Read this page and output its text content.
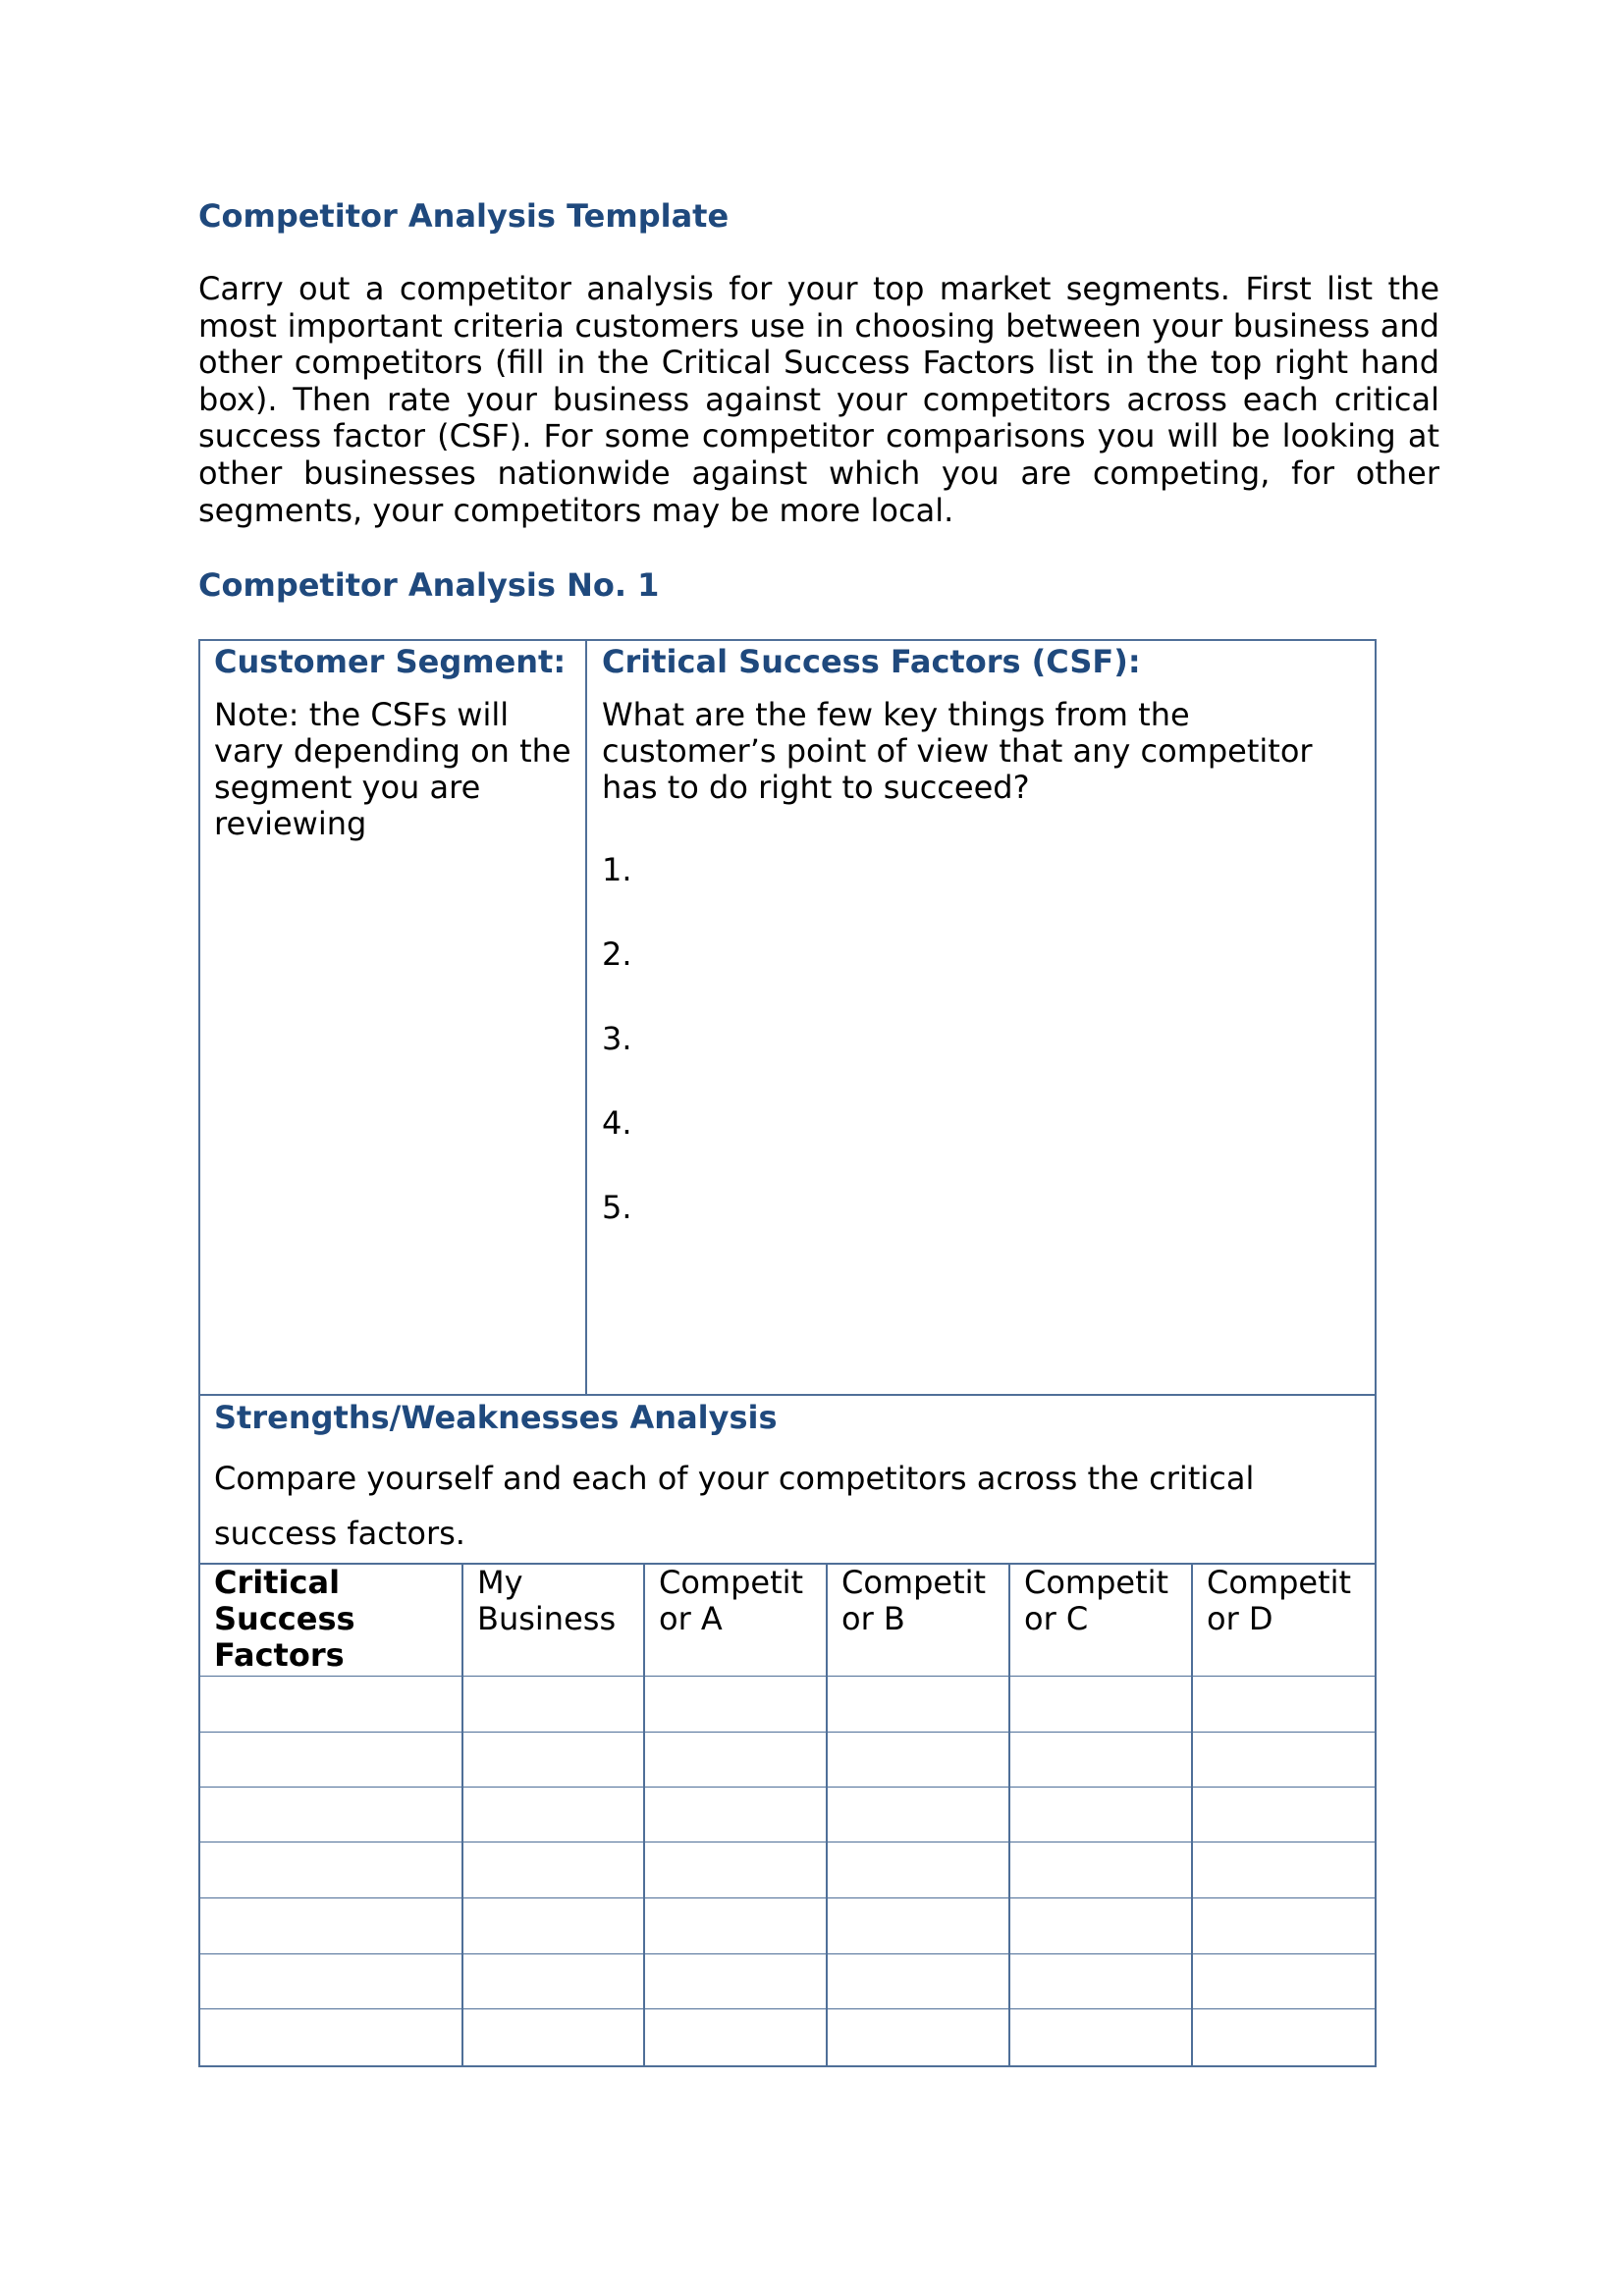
Competitor Analysis Template

Carry out a competitor analysis for your top market segments. First list the most important criteria customers use in choosing between your business and other competitors (fill in the Critical Success Factors list in the top right hand box). Then rate your business against your competitors across each critical success factor (CSF). For some competitor comparisons you will be looking at other businesses nationwide against which you are competing, for other segments, your competitors may be more local.

Competitor Analysis No. 1
Customer Segment:

Note: the CSFs will vary depending on the segment you are reviewing

Critical Success Factors (CSF):

What are the few key things from the customer’s point of view that any competitor has to do right to succeed?

1.
2.
3.
4.
5.
Strengths/Weaknesses Analysis

Compare yourself and each of your competitors across the critical success factors.

Critical Success Factors

My Business

Competit or A

Competit or B

Competit or C

Competit or D
